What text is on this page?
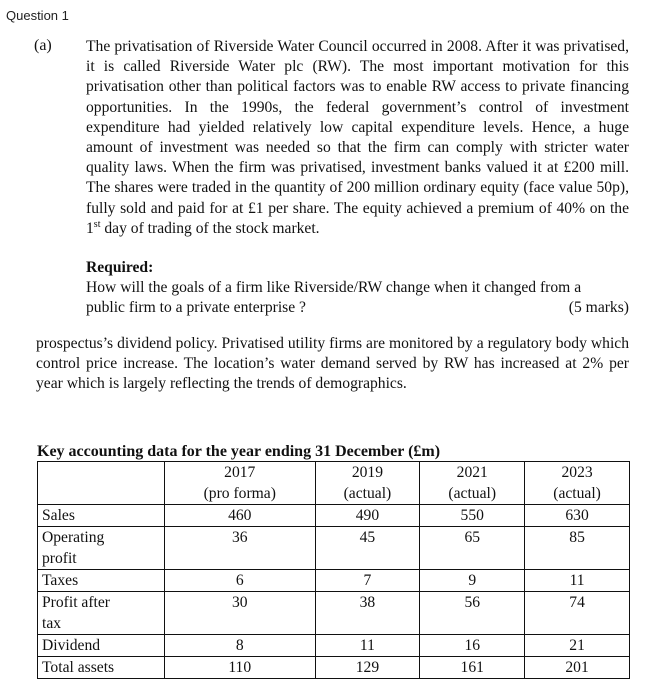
Question 1
(a) The privatisation of Riverside Water Council occurred in 2008. After it was privatised, it is called Riverside Water plc (RW). The most important motivation for this privatisation other than political factors was to enable RW access to private financing opportunities. In the 1990s, the federal government’s control of investment expenditure had yielded relatively low capital expenditure levels. Hence, a huge amount of investment was needed so that the firm can comply with stricter water quality laws. When the firm was privatised, investment banks valued it at £200 mill. The shares were traded in the quantity of 200 million ordinary equity (face value 50p), fully sold and paid for at £1 per share. The equity achieved a premium of 40% on the 1st day of trading of the stock market.
Required:
How will the goals of a firm like Riverside/RW change when it changed from a
public firm to a private enterprise ?	(5 marks)
prospectus’s dividend policy. Privatised utility firms are monitored by a regulatory body which control price increase. The location’s water demand served by RW has increased at 2% per year which is largely reflecting the trends of demographics.
Key accounting data for the year ending 31 December (£m)
	2017	2019	2021	2023
	(pro forma)	(actual)	(actual)	(actual)
Sales	460	490	550	630

Operating
profit	36	45	65	85
Taxes	6	7	9	11

Profit after
tax	30	38	56	74
Dividend	8	11	16	21
Total assets	110	129	161	201
